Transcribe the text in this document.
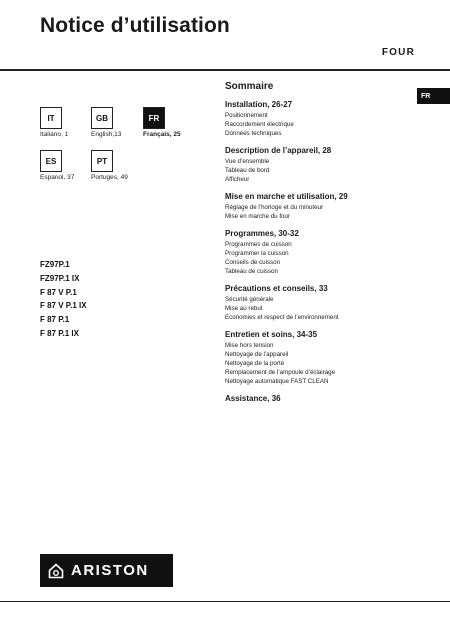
Notice d’utilisation
FOUR
IT
Italiano, 1
GB
English,13
FR
Français, 25
ES
Espanol, 37
PT
Portuges, 49
FZ97P.1
FZ97P.1 IX
F 87 V P.1
F 87 V P.1 IX
F 87 P.1
F 87 P.1 IX
Sommaire
Installation, 26-27
Positionnement
Raccordement électrique
Données techniques
Description de l’appareil, 28
Vue d’ensemble
Tableau de bord
Afficheur
Mise en marche et utilisation, 29
Réglage de l’horloge et du minuteur
Mise en marche du four
Programmes, 30-32
Programmes de cuisson
Programmer la cuisson
Conseils de cuisson
Tableau de cuisson
Précautions et conseils, 33
Sécurité générale
Mise au rebut
Economies et respect de l’environnement
Entretien et soins, 34-35
Mise hors tension
Nettoyage de l’appareil
Nettoyage de la porte
Remplacement de l’ampoule d’éclairage
Nettoyage automatique FAST CLEAN
Assistance, 36
FR
ARISTON
